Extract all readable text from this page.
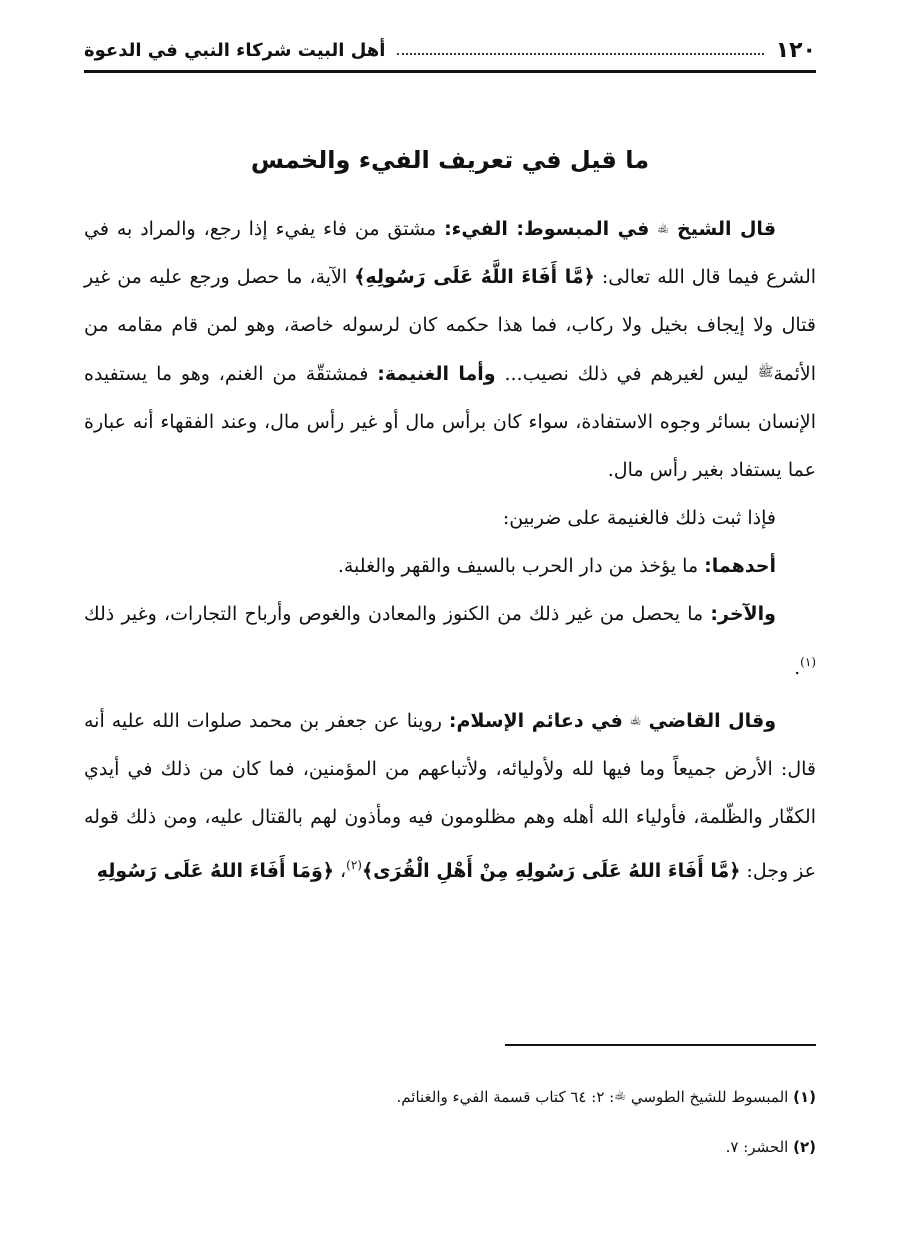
١٢٠
أهل البيت شركاء النبي في الدعوة
ما قيل في تعريف الفيء والخمس

قال الشيخ ﵀ في المبسوط: الفيء: مشتق من فاء يفيء إذا رجع، والمراد به في الشرع فيما قال الله تعالى: ﴿مَّا أَفَاءَ اللَّهُ عَلَى رَسُولِهِ﴾ الآية، ما حصل ورجع عليه من غير قتال ولا إيجاف بخيل ولا ركاب، فما هذا حكمه كان لرسوله خاصة، وهو لمن قام مقامه من الأئمة$^ﷺ$ ليس لغيرهم في ذلك نصيب... وأما الغنيمة: فمشتقّة من الغنم، وهو ما يستفيده الإنسان بسائر وجوه الاستفادة، سواء كان برأس مال أو غير رأس مال، وعند الفقهاء أنه عبارة عما يستفاد بغير رأس مال.

فإذا ثبت ذلك فالغنيمة على ضربين:

أحدهما: ما يؤخذ من دار الحرب بالسيف والقهر والغلبة.

والآخر: ما يحصل من غير ذلك من الكنوز والمعادن والغوص وأرباح التجارات، وغير ذلك $^{(١)}$.

وقال القاضي ﵀ في دعائم الإسلام: روينا عن جعفر بن محمد صلوات الله عليه أنه قال: الأرض جميعاً وما فيها لله ولأوليائه، ولأتباعهم من المؤمنين، فما كان من ذلك في أيدي الكفّار والظّلمة، فأولياء الله أهله وهم مظلومون فيه ومأذون لهم بالقتال عليه، ومن ذلك قوله عز وجل: ﴿مَّا أَفَاءَ اللهُ عَلَى رَسُولِهِ مِنْ أَهْلِ الْقُرَى﴾$^{(٢)}$، ﴿وَمَا أَفَاءَ اللهُ عَلَى رَسُولِهِ

(١) المبسوط للشيخ الطوسي ﵀: ٢: ٦٤ كتاب قسمة الفيء والغنائم.

(٢) الحشر: ٧.
